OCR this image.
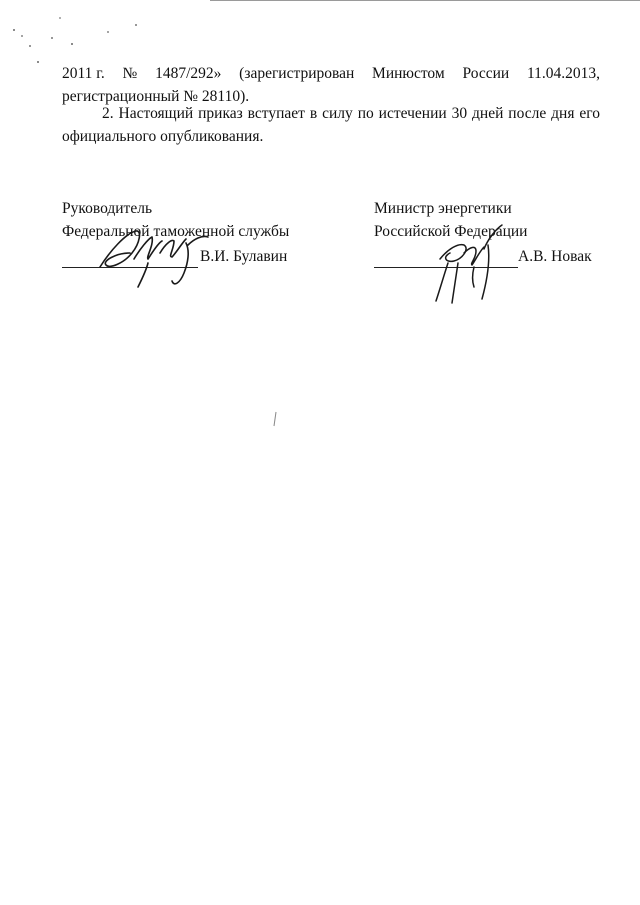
2011 г. № 1487/292» (зарегистрирован Минюстом России 11.04.2013,
регистрационный № 28110).
2. Настоящий приказ вступает в силу по истечении 30 дней после дня его официального опубликования.
Руководитель
Федеральной таможенной службы
В.И. Булавин
Министр энергетики
Российской Федерации
А.В. Новак
